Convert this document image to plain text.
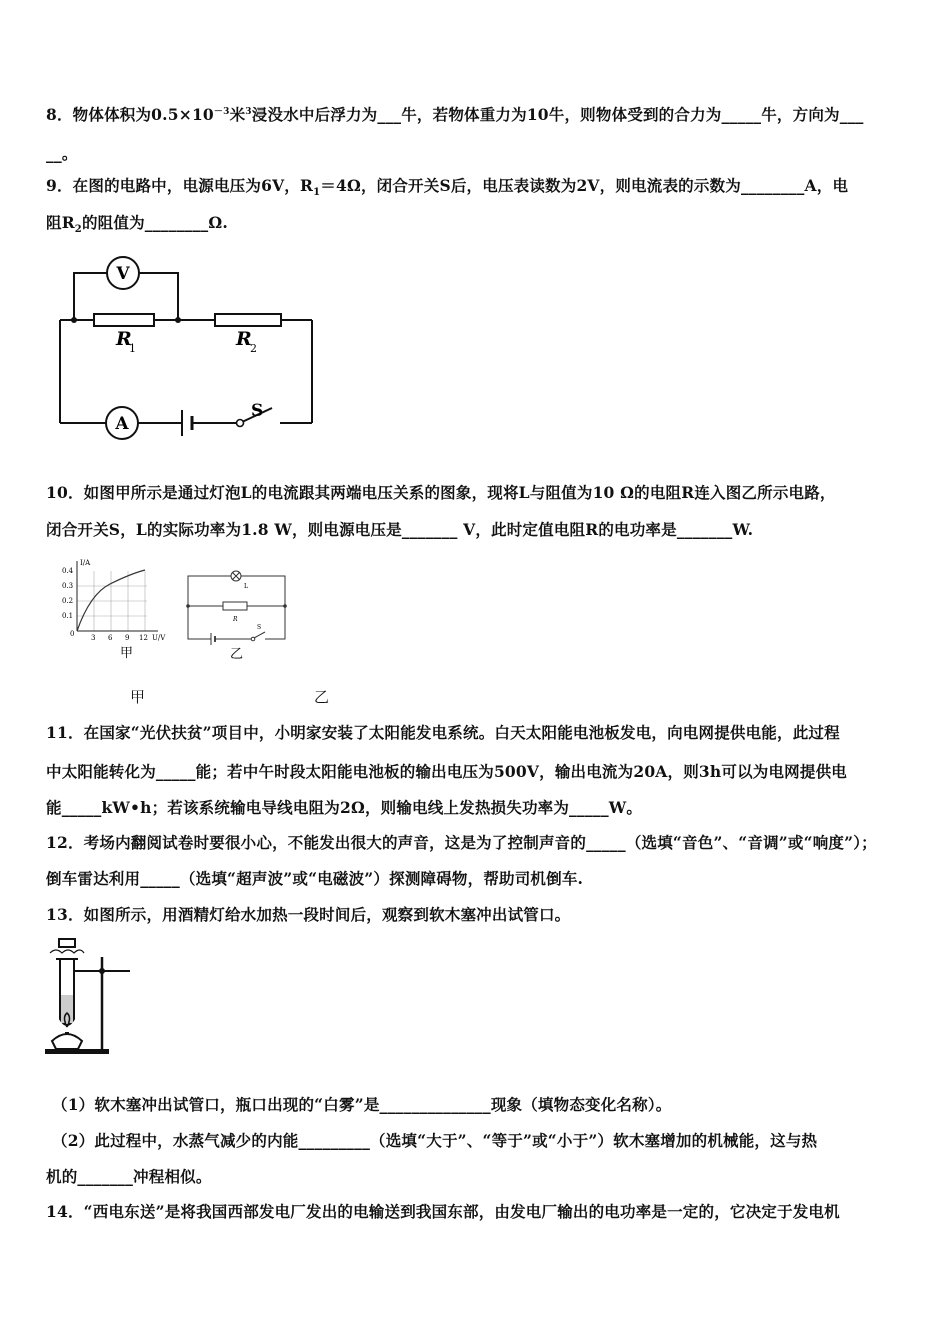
8．物体体积为$0.5\times 10^{-3}$米$^3$浸没水中后浮力为___牛，若物体重力为10牛，则物体受到的合力为_____牛，方向为___
__。
9．在图的电路中，电源电压为6V，$R_1=4\Omega$，闭合开关S后，电压表读数为2V，则电流表的示数为________A，电
阻$R_2$的阻值为________Ω.
V
A
R
1	R
2
S
10．如图甲所示是通过灯泡L的电流跟其两端电压关系的图象，现将L与阻值为10 Ω的电阻R连入图乙所示电路，
闭合开关S，L的实际功率为1.8 W，则电源电压是_______ V，此时定值电阻R的电功率是_______W.
I/A
U/V
0.4
0.3
0.2
0.1
0 3 6 9 12
甲
L
R
S
乙
甲	乙
11．在国家“光伏扶贫”项目中，小明家安装了太阳能发电系统。白天太阳能电池板发电，向电网提供电能，此过程
中太阳能转化为_____能；若中午时段太阳能电池板的输出电压为500V，输出电流为20A，则3h可以为电网提供电
能_____kW•h；若该系统输电导线电阻为2Ω，则输电线上发热损失功率为_____W。
12．考场内翻阅试卷时要很小心，不能发出很大的声音，这是为了控制声音的_____（选填“音色”、“音调”或“响度”）；
倒车雷达利用_____（选填“超声波”或“电磁波”）探测障碍物，帮助司机倒车.
13．如图所示，用酒精灯给水加热一段时间后，观察到软木塞冲出试管口。
（1）软木塞冲出试管口，瓶口出现的“白雾”是______________现象（填物态变化名称）。
（2）此过程中，水蒸气减少的内能_________（选填“大于”、“等于”或“小于”）软木塞增加的机械能，这与热
机的_______冲程相似。
14．“西电东送”是将我国西部发电厂发出的电输送到我国东部，由发电厂输出的电功率是一定的，它决定于发电机
